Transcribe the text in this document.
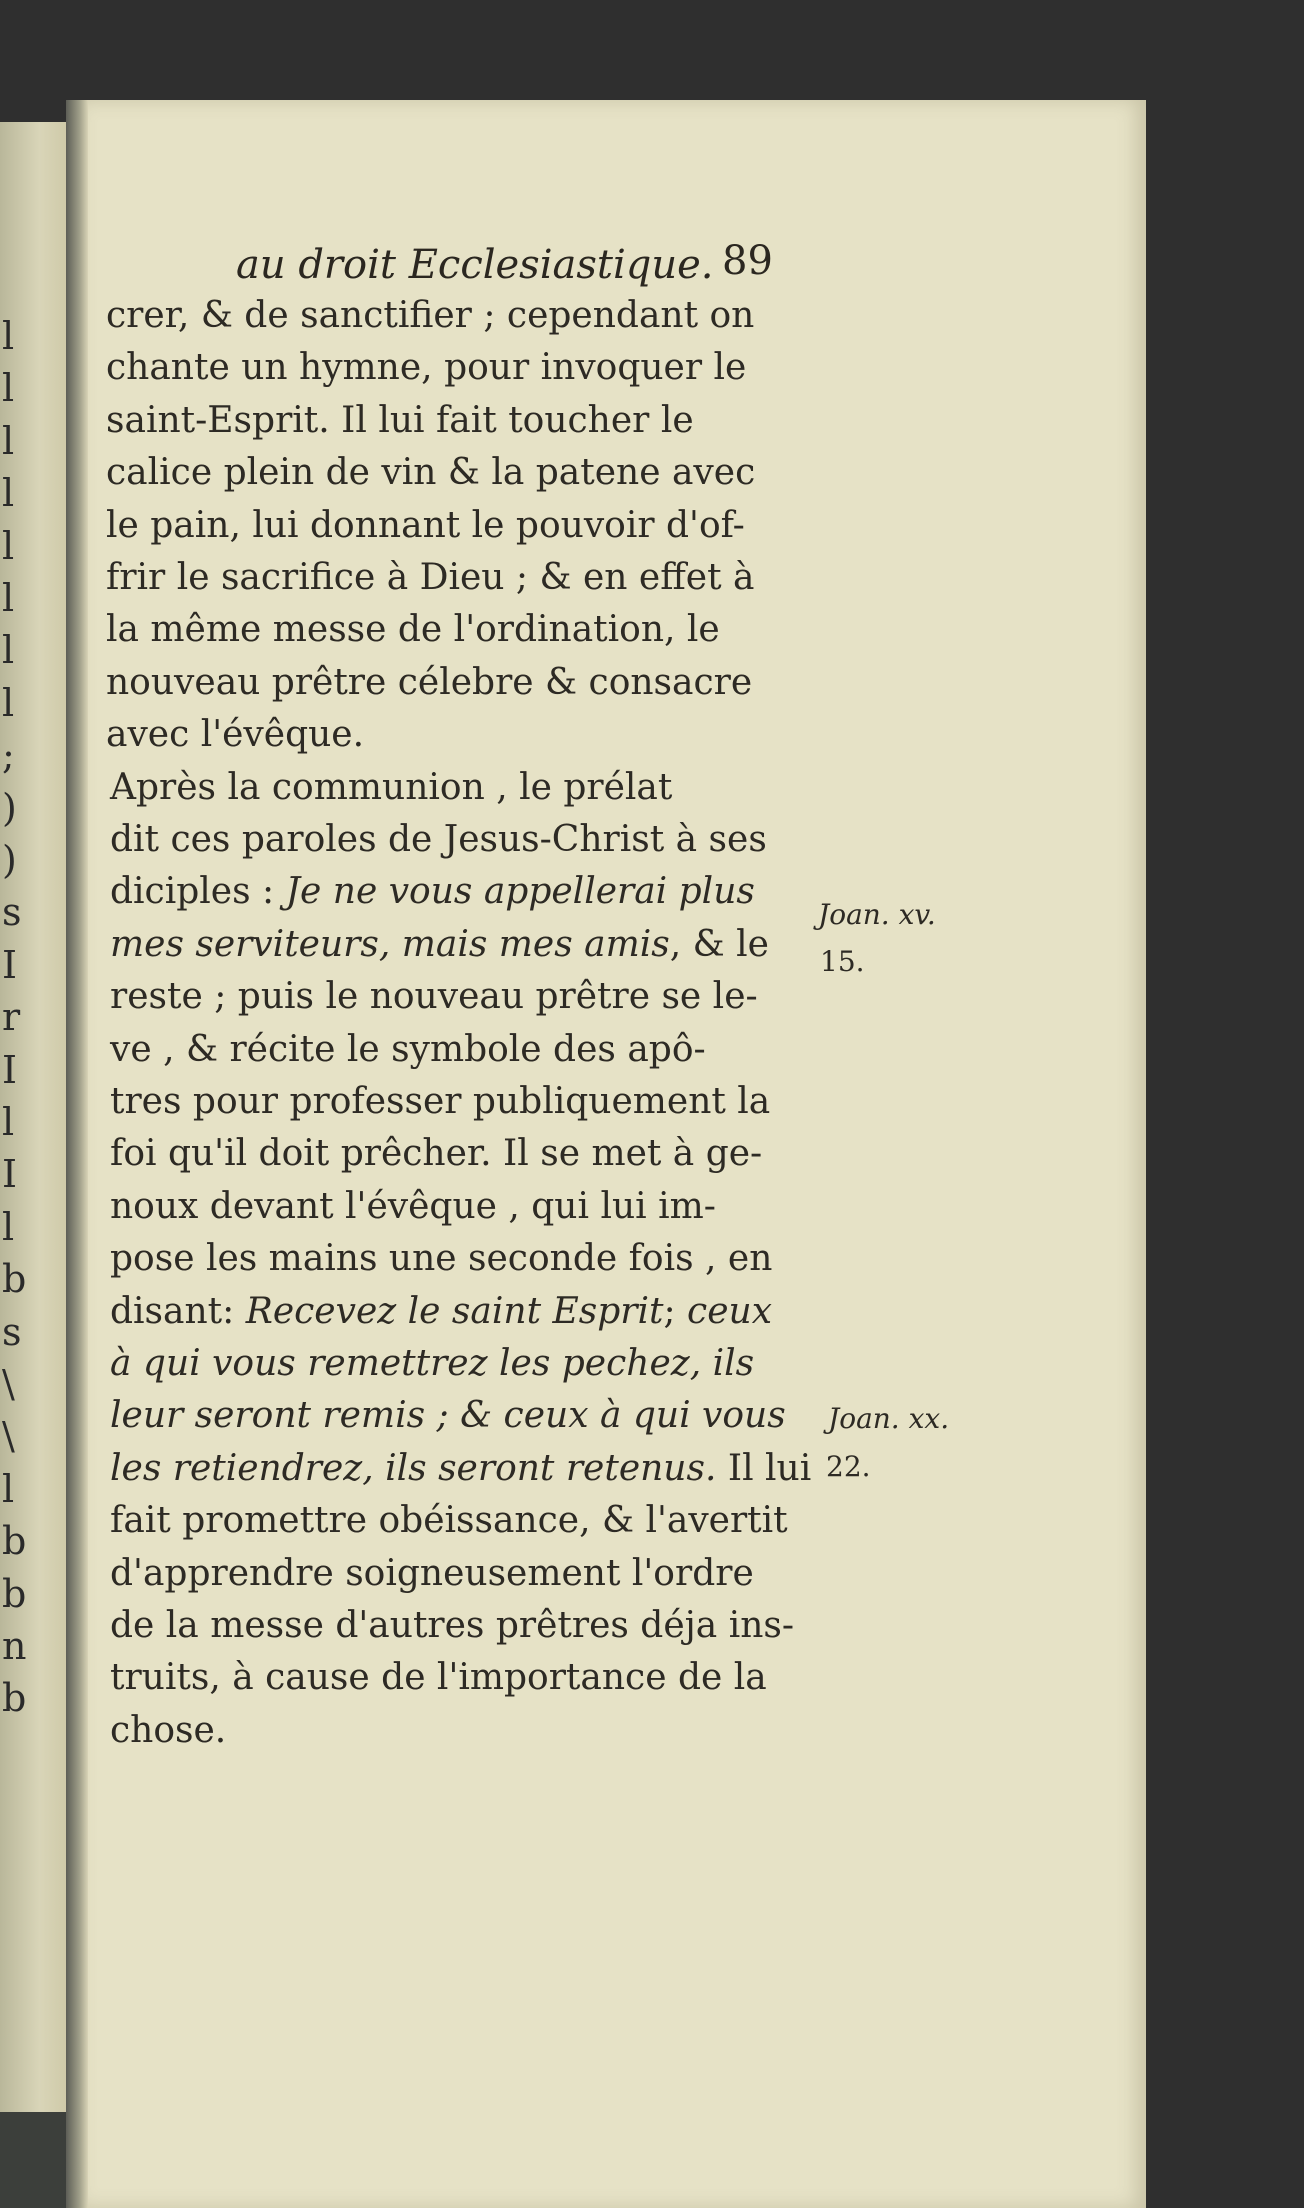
l
l
l
l
l
l
l
l
;
)
)
s
I
r
I
l
I
l
b
s
\
\
l
b
b
n
b
au droit Ecclesiastique. 89
crer, & de sanctifier ; cependant on
chante un hymne, pour invoquer le
saint-Esprit. Il lui fait toucher le
calice plein de vin & la patene avec
le pain, lui donnant le pouvoir d'of-
frir le sacrifice à Dieu ; & en effet à
la même messe de l'ordination, le
nouveau prêtre célebre & consacre
avec l'évêque.
Après la communion , le prélat
dit ces paroles de Jesus-Christ à ses
diciples : Je ne vous appellerai plus
mes serviteurs, mais mes amis, & le
reste ; puis le nouveau prêtre se le-
ve , & récite le symbole des apô-
tres pour professer publiquement la
foi qu'il doit prêcher. Il se met à ge-
noux devant l'évêque , qui lui im-
pose les mains une seconde fois , en
disant: Recevez le saint Esprit; ceux
à qui vous remettrez les pechez, ils
leur seront remis ; & ceux à qui vous
les retiendrez, ils seront retenus. Il lui
fait promettre obéissance, & l'avertit
d'apprendre soigneusement l'ordre
de la messe d'autres prêtres déja ins-
truits, à cause de l'importance de la
chose.
Joan. xv.
15.
Joan. xx.
22.
